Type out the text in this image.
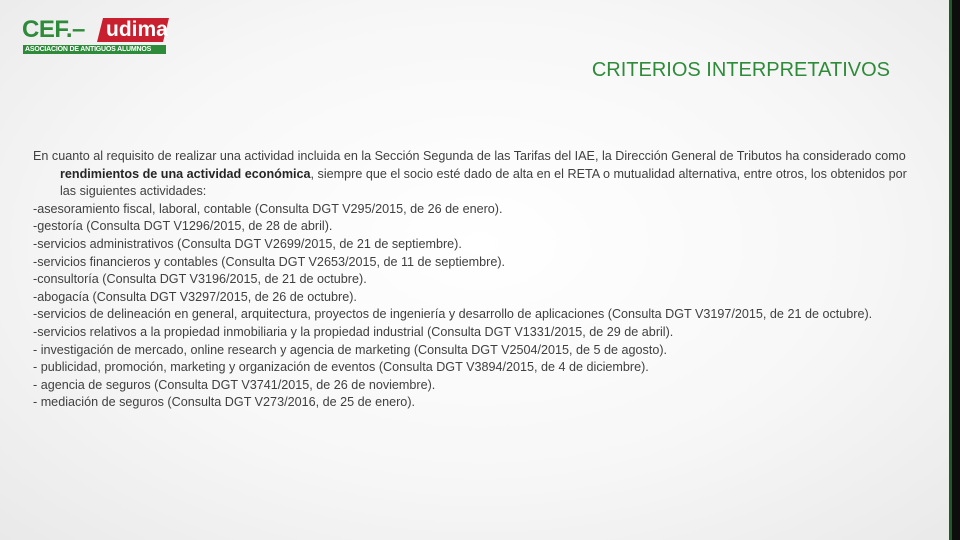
CEF.– udima
ASOCIACIÓN DE ANTIGUOS ALUMNOS
CRITERIOS INTERPRETATIVOS

En cuanto al requisito de realizar una actividad incluida en la Sección Segunda de las Tarifas del IAE, la Dirección General de Tributos ha considerado como rendimientos de una actividad económica, siempre que el socio esté dado de alta en el RETA o mutualidad alternativa, entre otros, los obtenidos por las siguientes actividades:

-asesoramiento fiscal, laboral, contable (Consulta DGT V295/2015, de 26 de enero).

-gestoría (Consulta DGT V1296/2015, de 28 de abril).

-servicios administrativos (Consulta DGT V2699/2015, de 21 de septiembre).

-servicios financieros y contables (Consulta DGT V2653/2015, de 11 de septiembre).

-consultoría (Consulta DGT V3196/2015, de 21 de octubre).

-abogacía (Consulta DGT V3297/2015, de 26 de octubre).

-servicios de delineación en general, arquitectura, proyectos de ingeniería y desarrollo de aplicaciones (Consulta DGT V3197/2015, de 21 de octubre).

-servicios relativos a la propiedad inmobiliaria y la propiedad industrial (Consulta DGT V1331/2015, de 29 de abril).

- investigación de mercado, online research y agencia de marketing (Consulta DGT V2504/2015, de 5 de agosto).

- publicidad, promoción, marketing y organización de eventos (Consulta DGT V3894/2015, de 4 de diciembre).

- agencia de seguros (Consulta DGT V3741/2015, de 26 de noviembre).

- mediación de seguros (Consulta DGT V273/2016, de 25 de enero).
